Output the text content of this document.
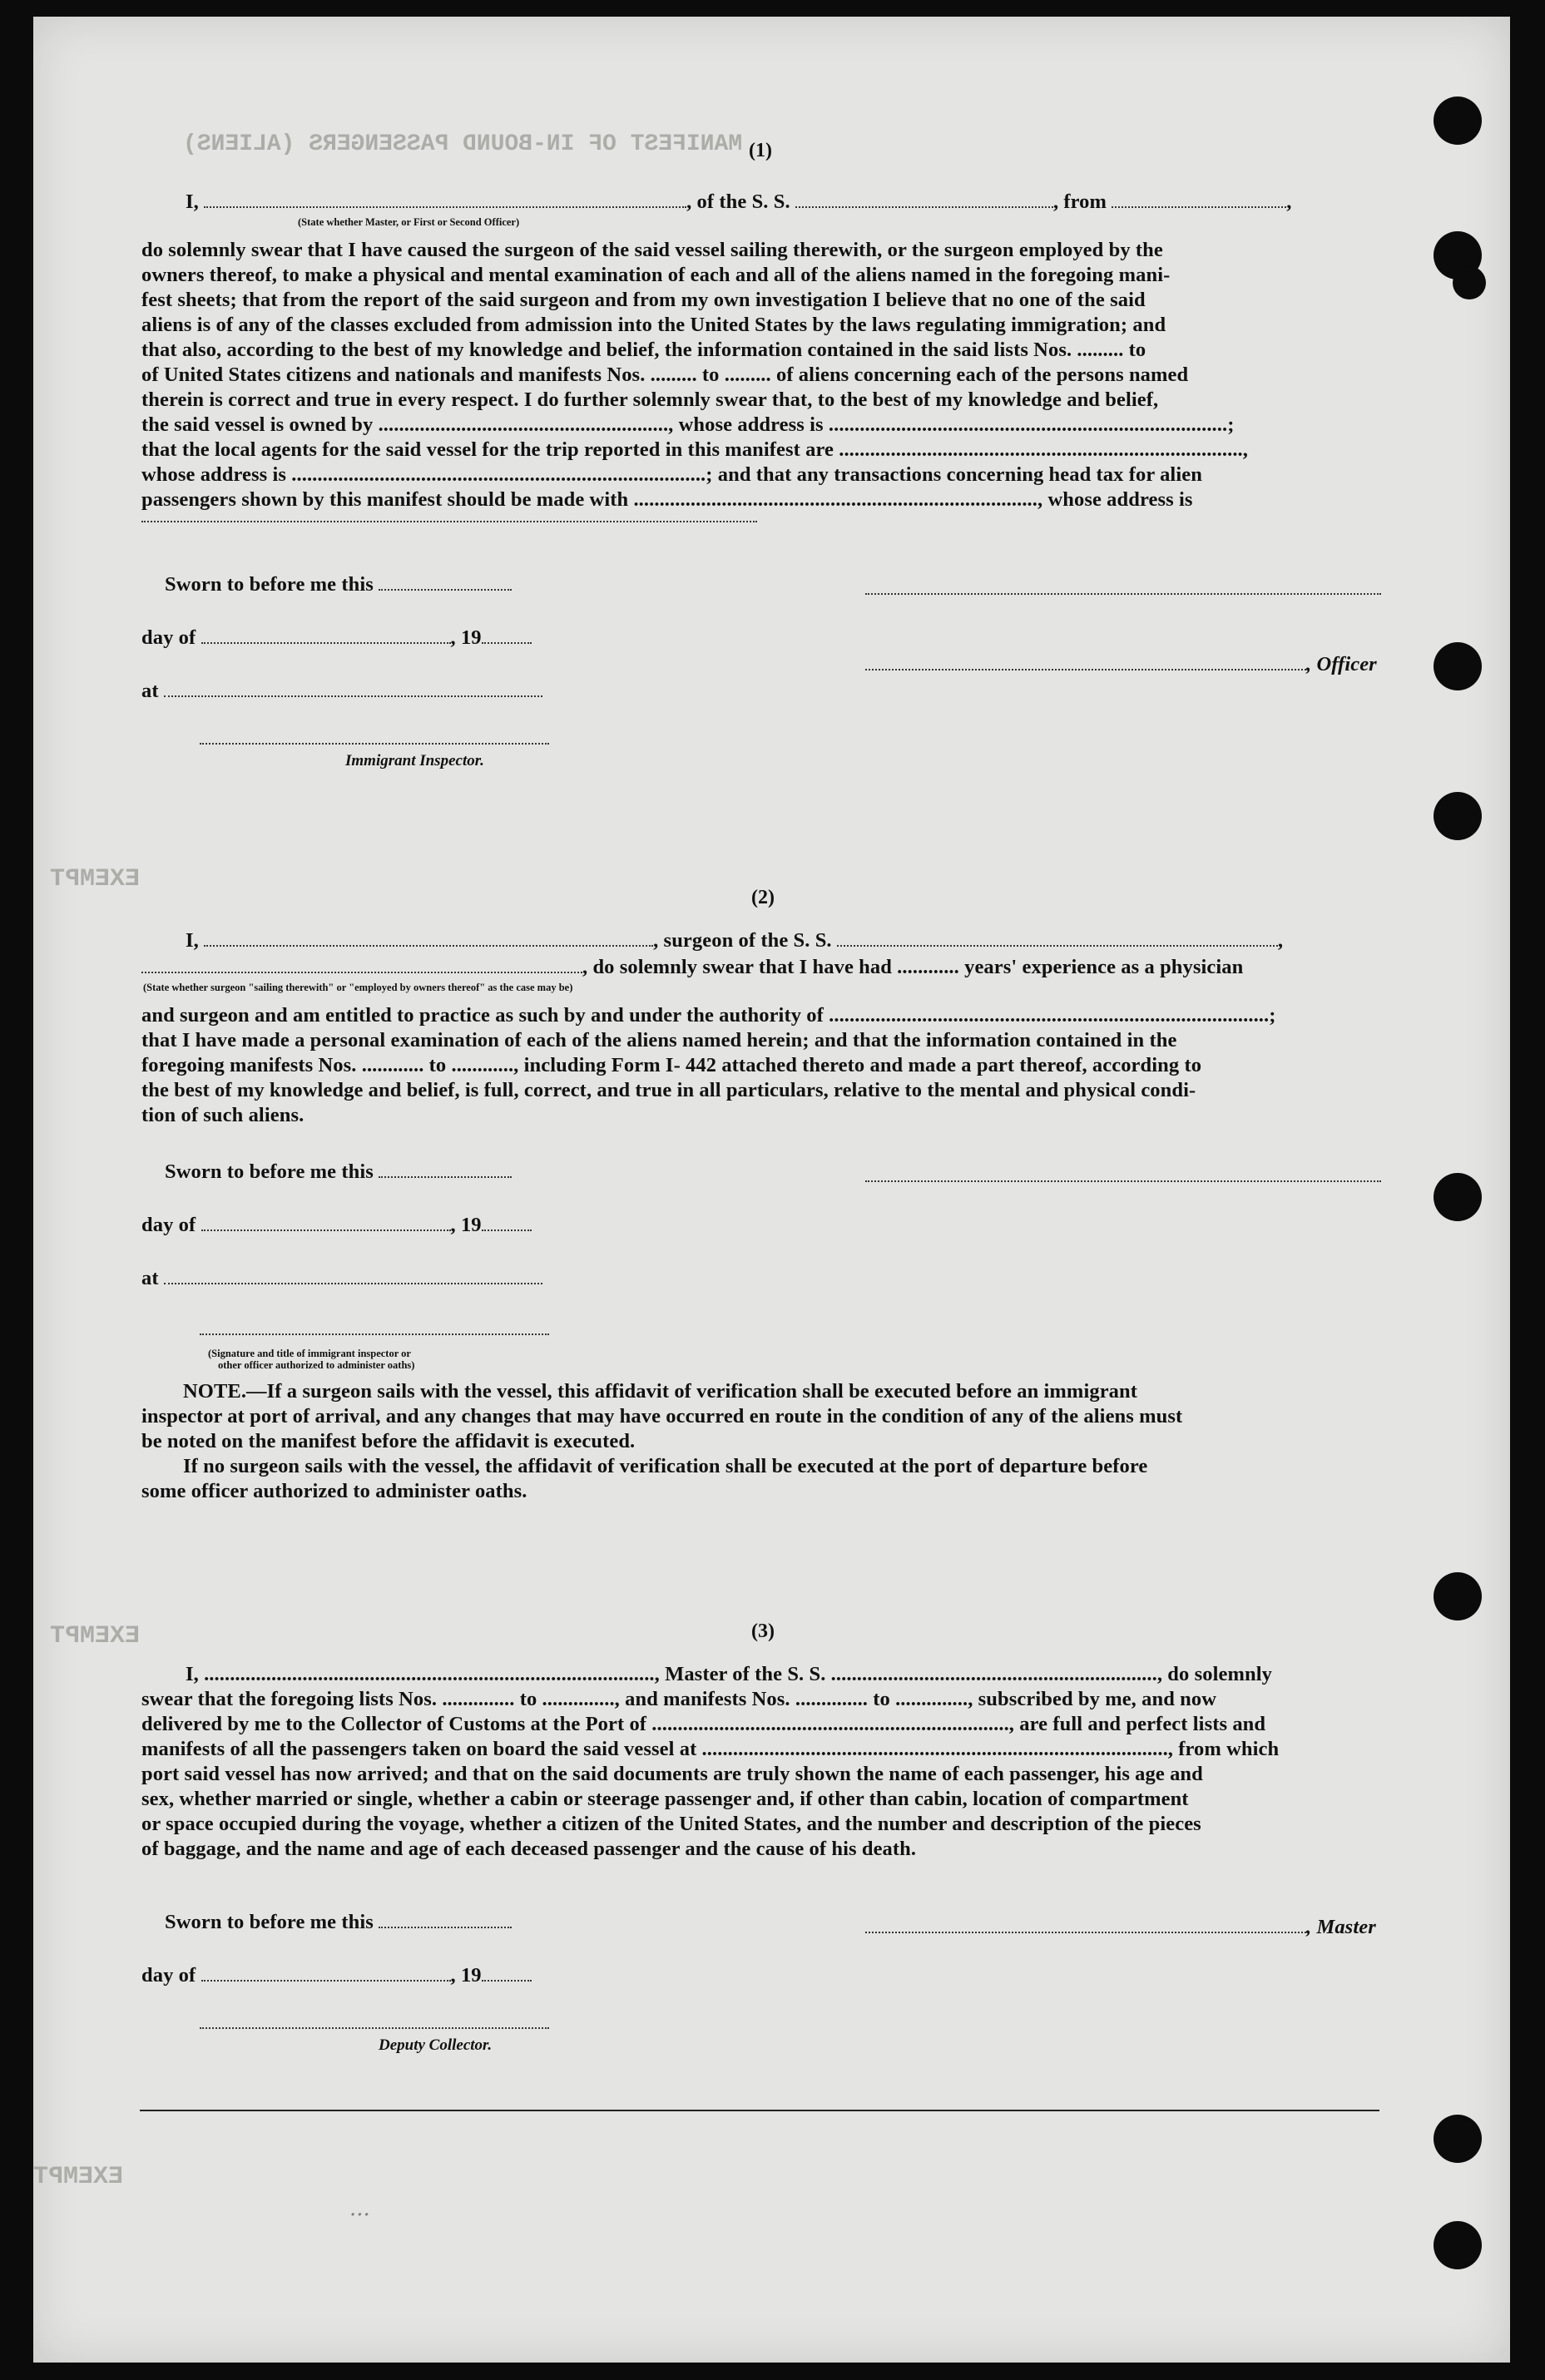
MANIFEST OF IN-BOUND PASSENGERS (ALIENS)
EXEMPT
EXEMPT
EXEMPT
...
(1)
I,	, of the S. S.	, from	,
(State whether Master, or First or Second Officer)
do solemnly swear that I have caused the surgeon of the said vessel sailing therewith, or the surgeon employed by the
owners thereof, to make a physical and mental examination of each and all of the aliens named in the foregoing mani-
fest sheets; that from the report of the said surgeon and from my own investigation I believe that no one of the said
aliens is of any of the classes excluded from admission into the United States by the laws regulating immigration; and
that also, according to the best of my knowledge and belief, the information contained in the said lists Nos. ......... to
of United States citizens and nationals and manifests Nos. ......... to ......... of aliens concerning each of the persons named
therein is correct and true in every respect. I do further solemnly swear that, to the best of my knowledge and belief,
the said vessel is owned by ........................................................, whose address is .............................................................................;
that the local agents for the said vessel for the trip reported in this manifest are ..............................................................................,
whose address is ................................................................................; and that any transactions concerning head tax for alien
passengers shown by this manifest should be made with .............................................................................., whose address is
Sworn to before me this
day of	, 19
, Officer
at
Immigrant Inspector.
(2)
I,	, surgeon of the S. S.	,
, do solemnly swear that I have had ............ years' experience as a physician
(State whether surgeon "sailing therewith" or "employed by owners thereof" as the case may be)
and surgeon and am entitled to practice as such by and under the authority of .....................................................................................;
that I have made a personal examination of each of the aliens named herein; and that the information contained in the
foregoing manifests Nos. ............ to ............, including Form I- 442 attached thereto and made a part thereof, according to
the best of my knowledge and belief, is full, correct, and true in all particulars, relative to the mental and physical condi-
tion of such aliens.
Sworn to before me this
day of	, 19
at
(Signature and title of immigrant inspector or
other officer authorized to administer oaths)
NOTE.—If a surgeon sails with the vessel, this affidavit of verification shall be executed before an immigrant
inspector at port of arrival, and any changes that may have occurred en route in the condition of any of the aliens must
be noted on the manifest before the affidavit is executed.
If no surgeon sails with the vessel, the affidavit of verification shall be executed at the port of departure before
some officer authorized to administer oaths.
(3)
I, ......................................................................................., Master of the S. S. ..............................................................., do solemnly
swear that the foregoing lists Nos. .............. to .............., and manifests Nos. .............. to .............., subscribed by me, and now
delivered by me to the Collector of Customs at the Port of ....................................................................., are full and perfect lists and
manifests of all the passengers taken on board the said vessel at .........................................................................................., from which
port said vessel has now arrived; and that on the said documents are truly shown the name of each passenger, his age and
sex, whether married or single, whether a cabin or steerage passenger and, if other than cabin, location of compartment
or space occupied during the voyage, whether a citizen of the United States, and the number and description of the pieces
of baggage, and the name and age of each deceased passenger and the cause of his death.
Sworn to before me this	, Master
day of	, 19
Deputy Collector.
